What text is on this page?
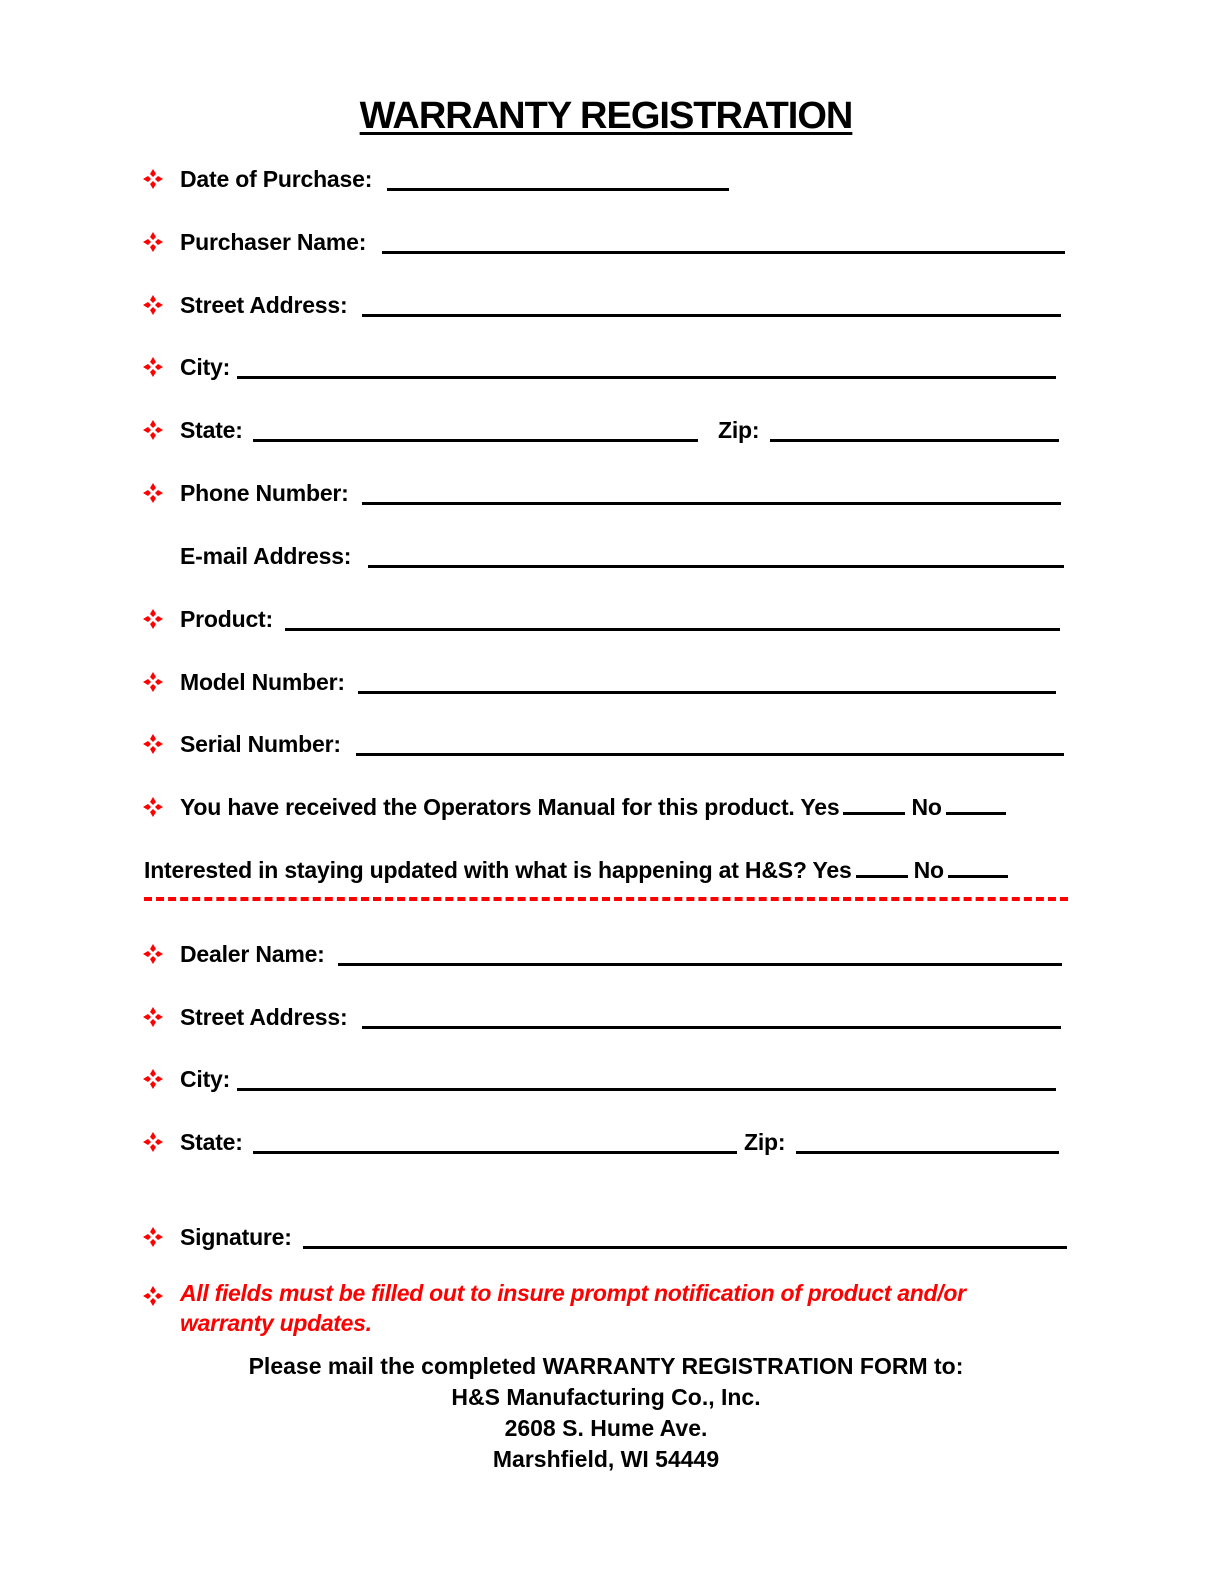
WARRANTY REGISTRATION
Date of Purchase:
Purchaser Name:
Street Address:
City:
State:	Zip:
Phone Number:
E-mail Address:
Product:
Model Number:
Serial Number:
You have received the Operators Manual for this product. Yes	No
Interested in staying updated with what is happening at H&S? Yes	No
Dealer Name:
Street Address:
City:
State:	Zip:
Signature:
All fields must be filled out to insure prompt notification of product and/or warranty updates.
Please mail the completed WARRANTY REGISTRATION FORM to:
H&S Manufacturing Co., Inc.
2608 S. Hume Ave.
Marshfield, WI 54449
